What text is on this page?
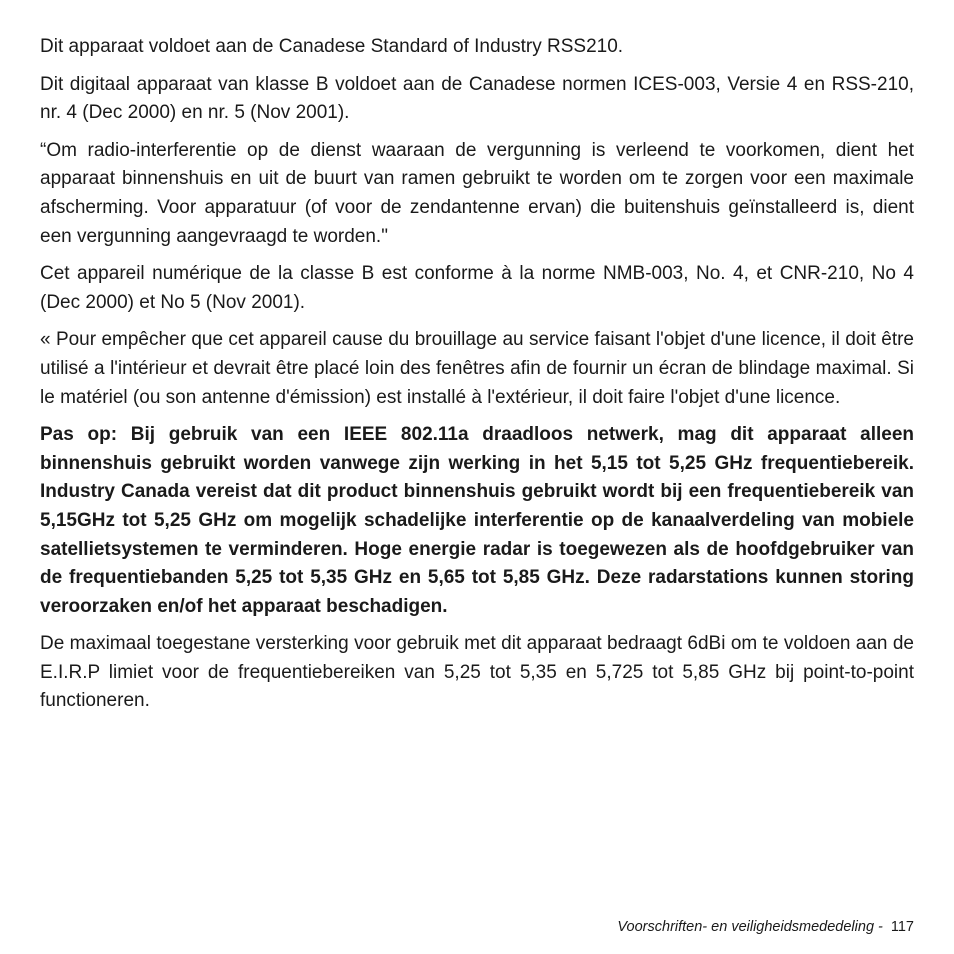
Dit apparaat voldoet aan de Canadese Standard of Industry RSS210.

Dit digitaal apparaat van klasse B voldoet aan de Canadese normen ICES-003, Versie 4 en RSS-210, nr. 4 (Dec 2000) en nr. 5 (Nov 2001).

“Om radio-interferentie op de dienst waaraan de vergunning is verleend te voorkomen, dient het apparaat binnenshuis en uit de buurt van ramen gebruikt te worden om te zorgen voor een maximale afscherming. Voor apparatuur (of voor de zendantenne ervan) die buitenshuis geïnstalleerd is, dient een vergunning aangevraagd te worden."

Cet appareil numérique de la classe B est conforme à la norme NMB-003, No. 4, et CNR-210, No 4 (Dec 2000) et No 5 (Nov 2001).

« Pour empêcher que cet appareil cause du brouillage au service faisant l'objet d'une licence, il doit être utilisé a l'intérieur et devrait être placé loin des fenêtres afin de fournir un écran de blindage maximal. Si le matériel (ou son antenne d'émission) est installé à l'extérieur, il doit faire l'objet d'une licence.

Pas op: Bij gebruik van een IEEE 802.11a draadloos netwerk, mag dit apparaat alleen binnenshuis gebruikt worden vanwege zijn werking in het 5,15 tot 5,25 GHz frequentiebereik. Industry Canada vereist dat dit product binnenshuis gebruikt wordt bij een frequentiebereik van 5,15GHz tot 5,25 GHz om mogelijk schadelijke interferentie op de kanaalverdeling van mobiele satellietsystemen te verminderen. Hoge energie radar is toegewezen als de hoofdgebruiker van de frequentiebanden 5,25 tot 5,35 GHz en 5,65 tot 5,85 GHz. Deze radarstations kunnen storing veroorzaken en/of het apparaat beschadigen.

De maximaal toegestane versterking voor gebruik met dit apparaat bedraagt 6dBi om te voldoen aan de E.I.R.P limiet voor de frequentiebereiken van 5,25 tot 5,35 en 5,725 tot 5,85 GHz bij point-to-point functioneren.

Voorschriften- en veiligheidsmededeling - 117
